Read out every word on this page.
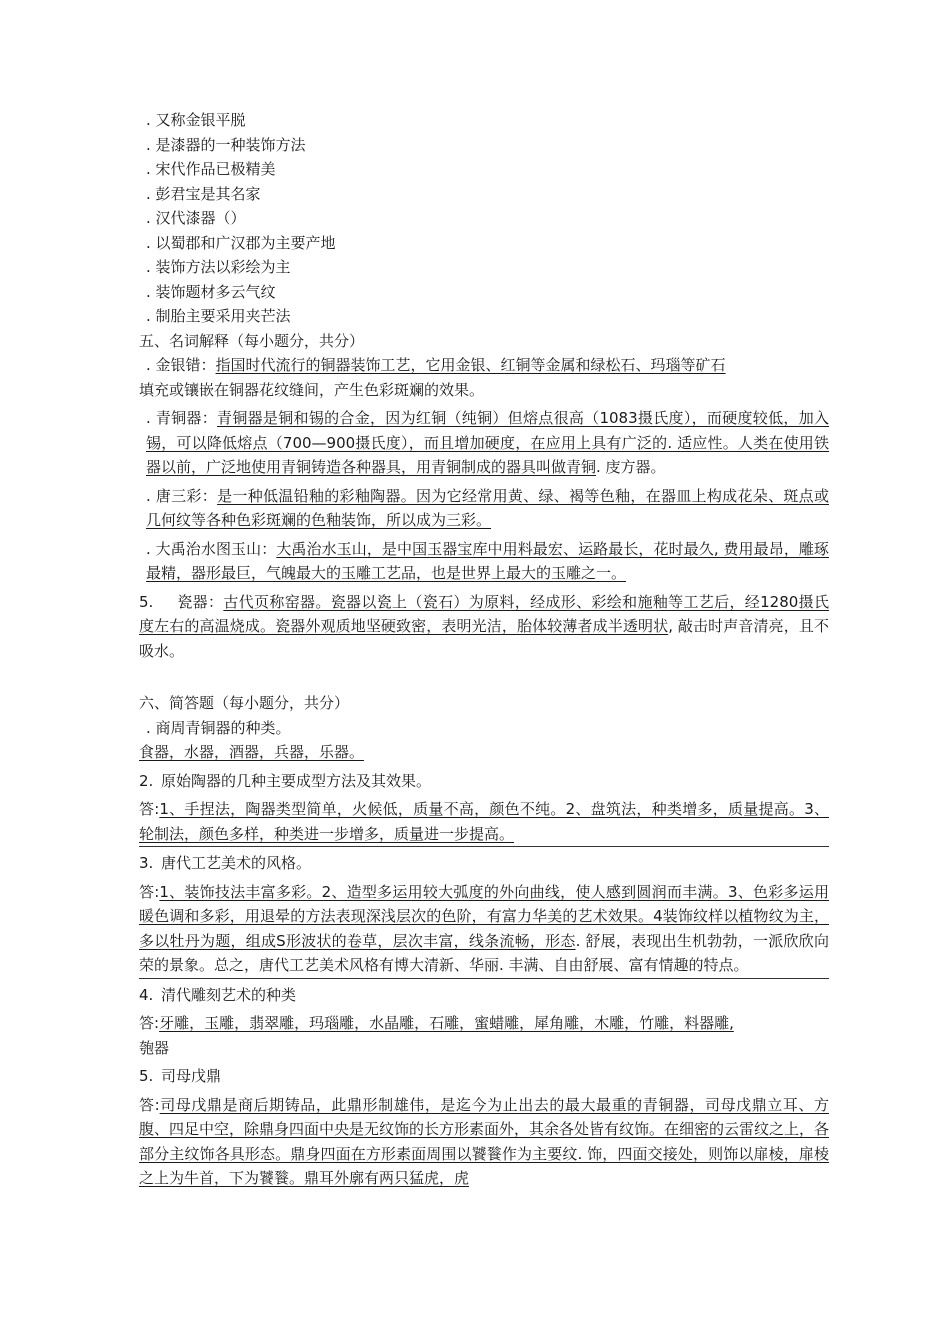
. 又称金银平脱
. 是漆器的一种装饰方法
. 宋代作品已极精美
. 彭君宝是其名家
. 汉代漆器（）
. 以蜀郡和广汉郡为主要产地
. 装饰方法以彩绘为主
. 装饰题材多云气纹
. 制胎主要采用夹芒法
五、名词解释（每小题分，共分）

. 金银错：指国时代流行的铜器装饰工艺，它用金银、红铜等金属和绿松石、玛瑙等矿石
填充或镶嵌在铜器花纹缝间，产生色彩斑斓的效果。

. 青铜器：青铜器是铜和锡的合金，因为红铜（纯铜）但熔点很高（1083摄氏度），而硬度较低，加入锡，可以降低熔点（700—900摄氏度），而且增加硬度，在应用上具有广泛的. 适应性。人类在使用铁器以前，广泛地使用青铜铸造各种器具，用青铜制成的器具叫做青铜. 庋方器。

. 唐三彩：是一种低温铅釉的彩釉陶器。因为它经常用黄、绿、褐等色釉，在器皿上构成花朵、斑点或几何纹等各种色彩斑斓的色釉装饰，所以成为三彩。

. 大禹治水图玉山：大禹治水玉山，是中国玉器宝库中用料最宏、运路最长，花时最久, 费用最昂，雕琢最精，器形最巨，气魄最大的玉雕工艺品，也是世界上最大的玉雕之一。

5. 瓷器：古代页称窑器。瓷器以瓷上（瓷石）为原料，经成形、彩绘和施釉等工艺后，经1280摄氏度左右的高温烧成。瓷器外观质地坚硬致密，表明光洁，胎体较薄者成半透明状, 敲击时声音清亮，且不吸水。

六、简答题（每小题分，共分）
. 商周青铜器的种类。

食器，水器，酒器，兵器，乐器。

2. 原始陶器的几种主要成型方法及其效果。

答:1、手捏法，陶器类型简单，火候低，质量不高，颜色不纯。2、盘筑法，种类增多，质量提高。3、轮制法，颜色多样，种类进一步增多，质量进一步提高。

3. 唐代工艺美术的风格。

答:1、装饰技法丰富多彩。2、造型多运用较大弧度的外向曲线，使人感到圆润而丰满。3、色彩多运用暖色调和多彩，用退晕的方法表现深浅层次的色阶，有富力华美的艺术效果。4装饰纹样以植物纹为主，多以牡丹为题，组成S形波状的卷草，层次丰富，线条流畅，形态. 舒展，表现出生机勃勃，一派欣欣向荣的景象。总之，唐代工艺美术风格有博大清新、华丽. 丰满、自由舒展、富有情趣的特点。

4. 清代雕刻艺术的种类

答:牙雕，玉雕，翡翠雕，玛瑙雕，水晶雕，石雕，蜜蜡雕，犀角雕，木雕，竹雕，料器雕,
匏器

5. 司母戊鼎

答:司母戊鼎是商后期铸品，此鼎形制雄伟，是迄今为止出去的最大最重的青铜器，司母戊鼎立耳、方腹、四足中空，除鼎身四面中央是无纹饰的长方形素面外，其余各处皆有纹饰。在细密的云雷纹之上，各部分主纹饰各具形态。鼎身四面在方形素面周围以饕餮作为主要纹. 饰，四面交接处，则饰以扉棱，扉棱之上为牛首，下为饕餮。鼎耳外廓有两只猛虎，虎
